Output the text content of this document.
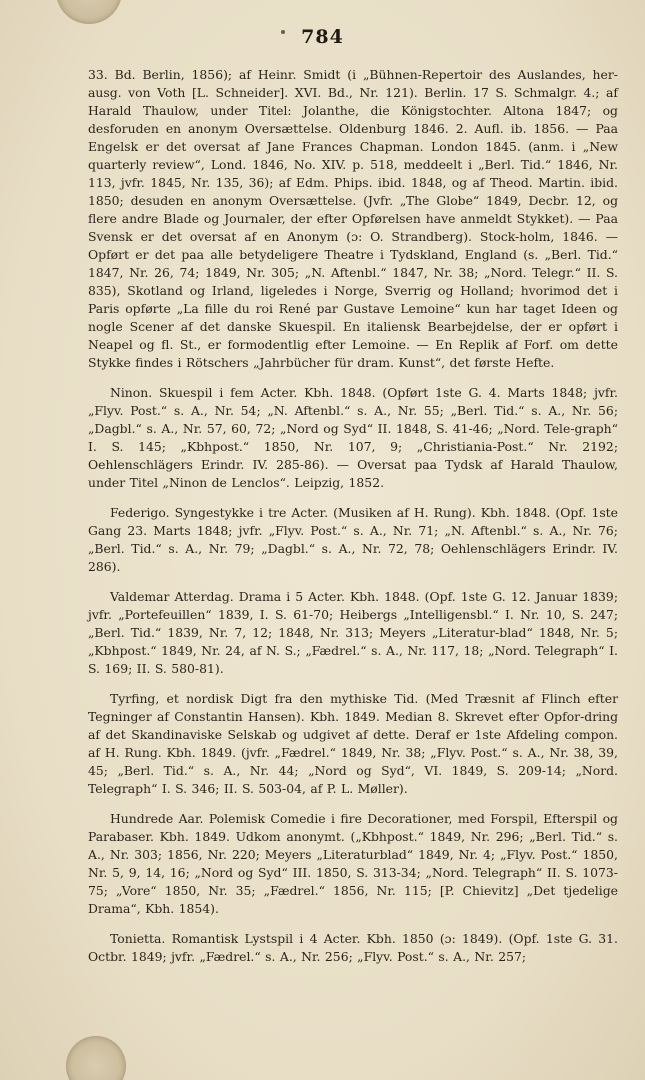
784

33. Bd. Berlin, 1856); af Heinr. Smidt (i „Bühnen-Repertoir des Auslandes, her-ausg. von Voth [L. Schneider]. XVI. Bd., Nr. 121). Berlin. 17 S. Schmalgr. 4.; af Harald Thaulow, under Titel: Jolanthe, die Königstochter. Altona 1847; og desforuden en anonym Oversættelse. Oldenburg 1846. 2. Aufl. ib. 1856. — Paa Engelsk er det oversat af Jane Frances Chapman. London 1845. (anm. i „New quarterly review“, Lond. 1846, No. XIV. p. 518, meddeelt i „Berl. Tid.“ 1846, Nr. 113, jvfr. 1845, Nr. 135, 36); af Edm. Phips. ibid. 1848, og af Theod. Martin. ibid. 1850; desuden en anonym Oversættelse. (Jvfr. „The Globe“ 1849, Decbr. 12, og flere andre Blade og Journaler, der efter Opførelsen have anmeldt Stykket). — Paa Svensk er det oversat af en Anonym (ɔ: O. Strandberg). Stock-holm, 1846. — Opført er det paa alle betydeligere Theatre i Tydskland, England (s. „Berl. Tid.“ 1847, Nr. 26, 74; 1849, Nr. 305; „N. Aftenbl.“ 1847, Nr. 38; „Nord. Telegr.“ II. S. 835), Skotland og Irland, ligeledes i Norge, Sverrig og Holland; hvorimod det i Paris opførte „La fille du roi René par Gustave Lemoine“ kun har taget Ideen og nogle Scener af det danske Skuespil. En italiensk Bearbejdelse, der er opført i Neapel og fl. St., er formodentlig efter Lemoine. — En Replik af Forf. om dette Stykke findes i Rötschers „Jahrbücher für dram. Kunst“, det første Hefte.

Ninon. Skuespil i fem Acter. Kbh. 1848. (Opført 1ste G. 4. Marts 1848; jvfr. „Flyv. Post.“ s. A., Nr. 54; „N. Aftenbl.“ s. A., Nr. 55; „Berl. Tid.“ s. A., Nr. 56; „Dagbl.“ s. A., Nr. 57, 60, 72; „Nord og Syd“ II. 1848, S. 41-46; „Nord. Tele-graph“ I. S. 145; „Kbhpost.“ 1850, Nr. 107, 9; „Christiania-Post.“ Nr. 2192; Oehlenschlägers Erindr. IV. 285-86). — Oversat paa Tydsk af Harald Thaulow, under Titel „Ninon de Lenclos“. Leipzig, 1852.

Federigo. Syngestykke i tre Acter. (Musiken af H. Rung). Kbh. 1848. (Opf. 1ste Gang 23. Marts 1848; jvfr. „Flyv. Post.“ s. A., Nr. 71; „N. Aftenbl.“ s. A., Nr. 76; „Berl. Tid.“ s. A., Nr. 79; „Dagbl.“ s. A., Nr. 72, 78; Oehlenschlägers Erindr. IV. 286).

Valdemar Atterdag. Drama i 5 Acter. Kbh. 1848. (Opf. 1ste G. 12. Januar 1839; jvfr. „Portefeuillen“ 1839, I. S. 61-70; Heibergs „Intelligensbl.“ I. Nr. 10, S. 247; „Berl. Tid.“ 1839, Nr. 7, 12; 1848, Nr. 313; Meyers „Literatur-blad“ 1848, Nr. 5; „Kbhpost.“ 1849, Nr. 24, af N. S.; „Fædrel.“ s. A., Nr. 117, 18; „Nord. Telegraph“ I. S. 169; II. S. 580-81).

Tyrfing, et nordisk Digt fra den mythiske Tid. (Med Træsnit af Flinch efter Tegninger af Constantin Hansen). Kbh. 1849. Median 8. Skrevet efter Opfor-dring af det Skandinaviske Selskab og udgivet af dette. Deraf er 1ste Afdeling compon. af H. Rung. Kbh. 1849. (jvfr. „Fædrel.“ 1849, Nr. 38; „Flyv. Post.“ s. A., Nr. 38, 39, 45; „Berl. Tid.“ s. A., Nr. 44; „Nord og Syd“, VI. 1849, S. 209-14; „Nord. Telegraph“ I. S. 346; II. S. 503-04, af P. L. Møller).

Hundrede Aar. Polemisk Comedie i fire Decorationer, med Forspil, Efterspil og Parabaser. Kbh. 1849. Udkom anonymt. („Kbhpost.“ 1849, Nr. 296; „Berl. Tid.“ s. A., Nr. 303; 1856, Nr. 220; Meyers „Literaturblad“ 1849, Nr. 4; „Flyv. Post.“ 1850, Nr. 5, 9, 14, 16; „Nord og Syd“ III. 1850, S. 313-34; „Nord. Telegraph“ II. S. 1073-75; „Vore“ 1850, Nr. 35; „Fædrel.“ 1856, Nr. 115; [P. Chievitz] „Det tjedelige Drama“, Kbh. 1854).

Tonietta. Romantisk Lystspil i 4 Acter. Kbh. 1850 (ɔ: 1849). (Opf. 1ste G. 31. Octbr. 1849; jvfr. „Fædrel.“ s. A., Nr. 256; „Flyv. Post.“ s. A., Nr. 257;
